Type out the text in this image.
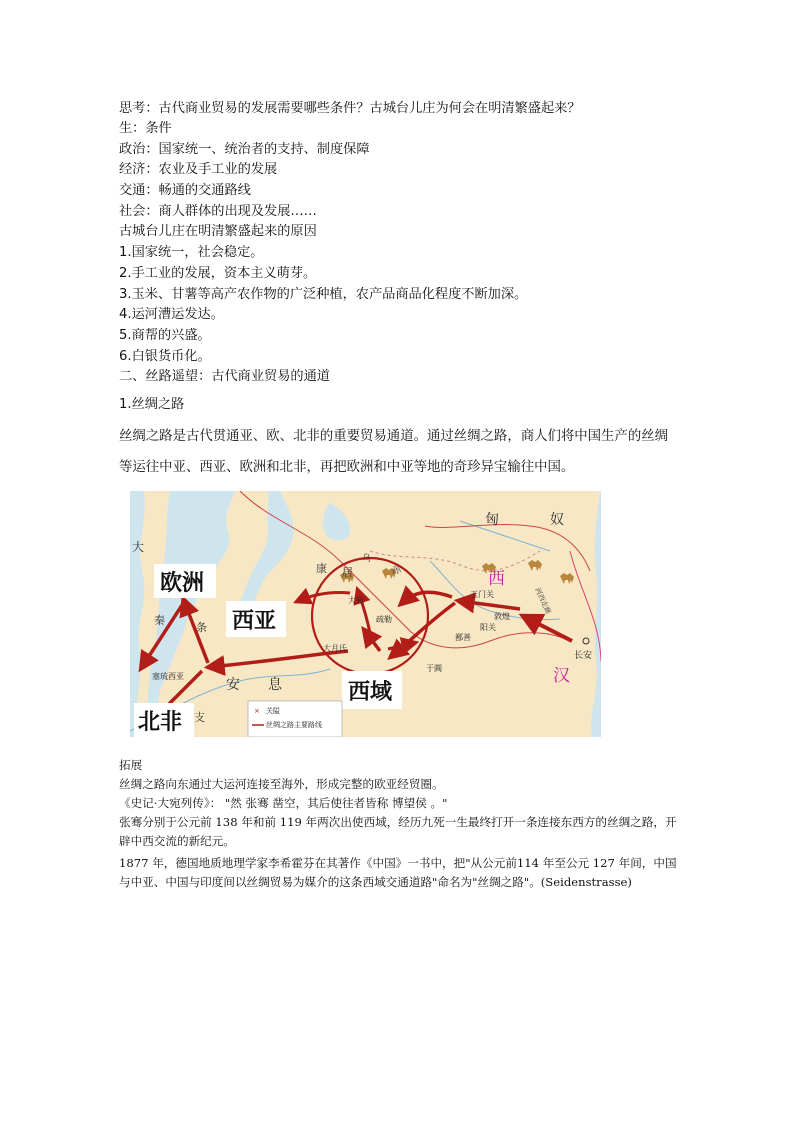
思考：古代商业贸易的发展需要哪些条件？古城台儿庄为何会在明清繁盛起来？
生：条件
政治：国家统一、统治者的支持、制度保障
经济：农业及手工业的发展
交通：畅通的交通路线
社会：商人群体的出现及发展……
古城台儿庄在明清繁盛起来的原因
1.国家统一，社会稳定。
2.手工业的发展，资本主义萌芽。
3.玉米、甘薯等高产农作物的广泛种植，农产品商品化程度不断加深。
4.运河漕运发达。
5.商帮的兴盛。
6.白银货币化。
二、丝路遥望：古代商业贸易的通道
1.丝绸之路
丝绸之路是古代贯通亚、欧、北非的重要贸易通道。通过丝绸之路，商人们将中国生产的丝绸等运往中亚、西亚、欧洲和北非，再把欧洲和中亚等地的奇珍异宝输往中国。
匈	奴
西
汉
康 居
乌
孙
大宛
疏勒
大月氏
于阗
玉门关
敦煌
阳关
鄯善
河西走廊
长安
大
秦
条
支
安 息
塞琉西亚
欧洲
西亚
西域
北非	× 关隘
丝绸之路主要路线
拓展
丝绸之路向东通过大运河连接至海外，形成完整的欧亚经贸圈。
《史记·大宛列传》： "然 张骞 凿空，其后使往者皆称 博望侯 。"
张骞分别于公元前 138 年和前 119 年两次出使西域，经历九死一生最终打开一条连接东西方的丝绸之路，开辟中西交流的新纪元。
1877 年，德国地质地理学家李希霍芬在其著作《中国》一书中，把"从公元前114 年至公元 127 年间，中国与中亚、中国与印度间以丝绸贸易为媒介的这条西域交通道路"命名为"丝绸之路"。(Seidenstrasse)
